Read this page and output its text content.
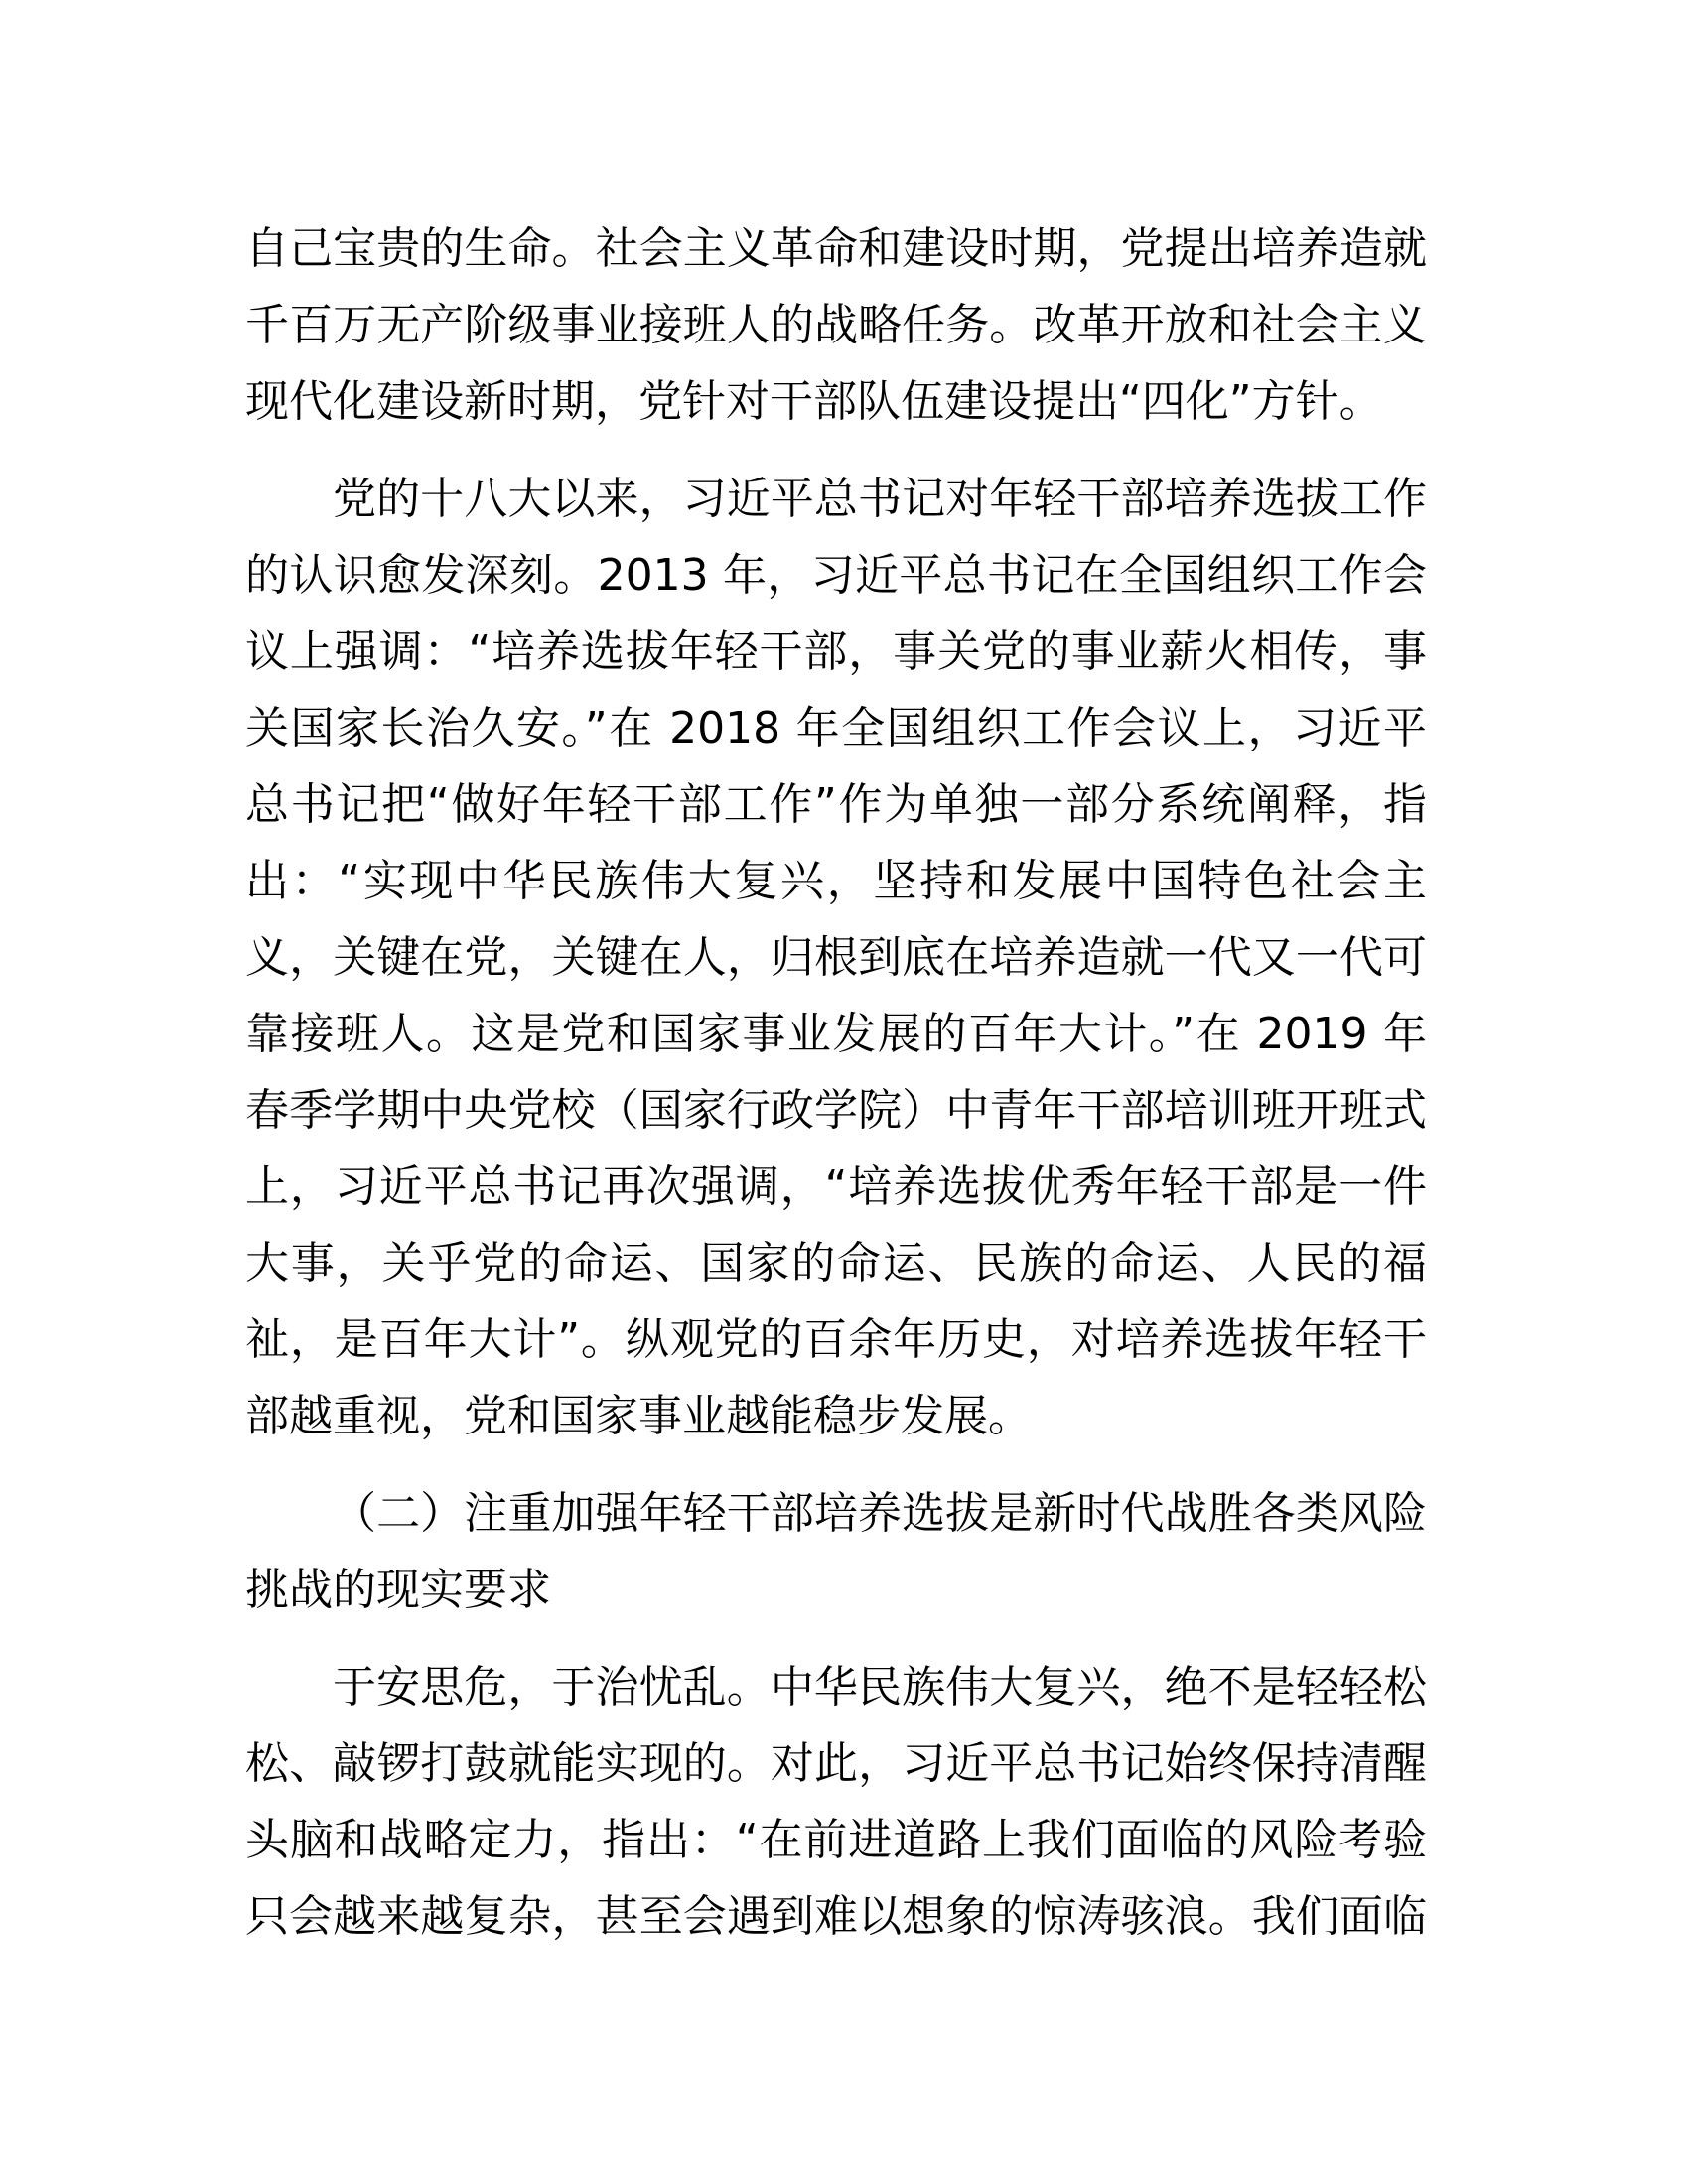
自己宝贵的生命。社会主义革命和建设时期，党提出培养造就
千百万无产阶级事业接班人的战略任务。改革开放和社会主义
现代化建设新时期，党针对干部队伍建设提出“四化”方针。
党的十八大以来，习近平总书记对年轻干部培养选拔工作
的认识愈发深刻。2013 年，习近平总书记在全国组织工作会
议上强调：“培养选拔年轻干部，事关党的事业薪火相传，事
关国家长治久安。”在 2018 年全国组织工作会议上，习近平
总书记把“做好年轻干部工作”作为单独一部分系统阐释，指
出：“实现中华民族伟大复兴，坚持和发展中国特色社会主
义，关键在党，关键在人，归根到底在培养造就一代又一代可
靠接班人。这是党和国家事业发展的百年大计。”在 2019 年
春季学期中央党校（国家行政学院）中青年干部培训班开班式
上，习近平总书记再次强调，“培养选拔优秀年轻干部是一件
大事，关乎党的命运、国家的命运、民族的命运、人民的福
祉，是百年大计”。纵观党的百余年历史，对培养选拔年轻干
部越重视，党和国家事业越能稳步发展。
（二）注重加强年轻干部培养选拔是新时代战胜各类风险
挑战的现实要求
于安思危，于治忧乱。中华民族伟大复兴，绝不是轻轻松
松、敲锣打鼓就能实现的。对此，习近平总书记始终保持清醒
头脑和战略定力，指出：“在前进道路上我们面临的风险考验
只会越来越复杂，甚至会遇到难以想象的惊涛骇浪。我们面临
